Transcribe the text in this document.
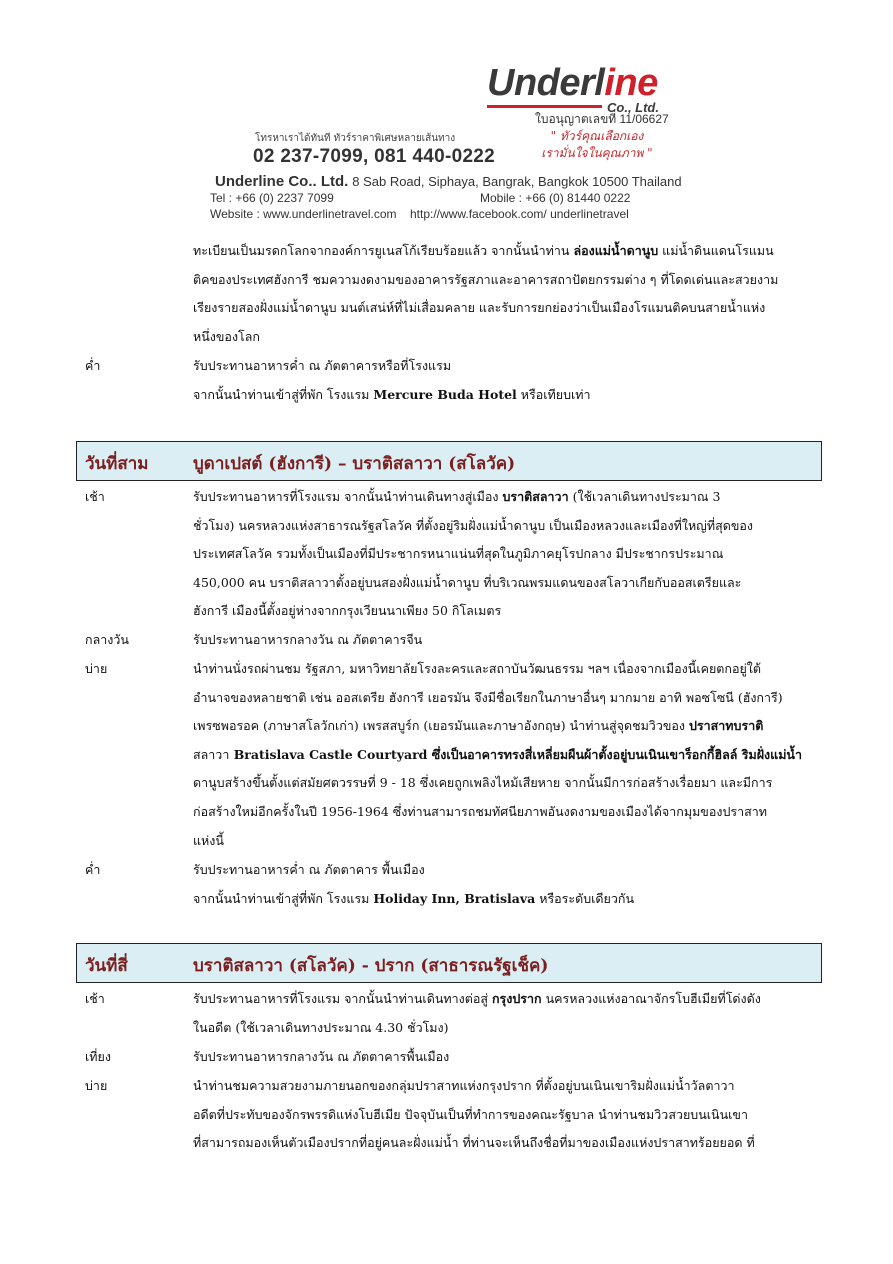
Underline
Co., Ltd.
ใบอนุญาตเลขที่ 11/06627
โทรหาเราได้ทันที ทัวร์ราคาพิเศษหลายเส้นทาง	" ทัวร์คุณเลือกเอง
เรามั่นใจในคุณภาพ "
02 237-7099, 081 440-0222
Underline Co.. Ltd. 8 Sab Road, Siphaya, Bangrak, Bangkok 10500 Thailand
Tel : +66 (0) 2237 7099	Mobile : +66 (0) 81440 0222
Website : www.underlinetravel.com http://www.facebook.com/ underlinetravel
ทะเบียนเป็นมรดกโลกจากองค์การยูเนสโก้เรียบร้อยแล้ว จากนั้นนำท่าน ล่องแม่น้ำดานูบ แม่น้ำดินแดนโรแมน
ติคของประเทศฮังการี ชมความงดงามของอาคารรัฐสภาและอาคารสถาปัตยกรรมต่าง ๆ ที่โดดเด่นและสวยงาม
เรียงรายสองฝั่งแม่น้ำดานูบ มนต์เสน่ห์ที่ไม่เสื่อมคลาย และรับการยกย่องว่าเป็นเมืองโรแมนติคบนสายน้ำแห่ง
หนึ่งของโลก
ค่ำ	รับประทานอาหารค่ำ ณ ภัตตาคารหรือที่โรงแรม
จากนั้นนำท่านเข้าสู่ที่พัก โรงแรม Mercure Buda Hotel หรือเทียบเท่า
วันที่สาม	บูดาเปสต์ (ฮังการี) – บราติสลาวา (สโลวัค)
เช้า	รับประทานอาหารที่โรงแรม จากนั้นนำท่านเดินทางสู่เมือง บราติสลาวา (ใช้เวลาเดินทางประมาณ 3
ชั่วโมง) นครหลวงแห่งสาธารณรัฐสโลวัค ที่ตั้งอยู่ริมฝั่งแม่น้ำดานูบ เป็นเมืองหลวงและเมืองที่ใหญ่ที่สุดของ
ประเทศสโลวัค รวมทั้งเป็นเมืองที่มีประชากรหนาแน่นที่สุดในภูมิภาคยุโรปกลาง มีประชากรประมาณ
450,000 คน บราติสลาวาตั้งอยู่บนสองฝั่งแม่น้ำดานูบ ที่บริเวณพรมแดนของสโลวาเกียกับออสเตรียและ
ฮังการี เมืองนี้ตั้งอยู่ห่างจากกรุงเวียนนาเพียง 50 กิโลเมตร
กลางวัน	รับประทานอาหารกลางวัน ณ ภัตตาคารจีน
บ่าย	นำท่านนั่งรถผ่านชม รัฐสภา, มหาวิทยาลัยโรงละครและสถาบันวัฒนธรรม ฯลฯ เนื่องจากเมืองนี้เคยตกอยู่ใต้
อำนาจของหลายชาติ เช่น ออสเตรีย ฮังการี เยอรมัน จึงมีชื่อเรียกในภาษาอื่นๆ มากมาย อาทิ พอซโซนี (ฮังการี)
เพรซพอรอค (ภาษาสโลวักเก่า) เพรสสบูร์ก (เยอรมันและภาษาอังกฤษ) นำท่านสู่จุดชมวิวของ ปราสาทบราติ
สลาวา Bratislava Castle Courtyard ซึ่งเป็นอาคารทรงสี่เหลี่ยมผืนผ้าตั้งอยู่บนเนินเขาร็อกกี้ฮิลล์ ริมฝั่งแม่น้ำ
ดานูบสร้างขึ้นตั้งแต่สมัยศตวรรษที่ 9 - 18 ซึ่งเคยถูกเพลิงไหม้เสียหาย จากนั้นมีการก่อสร้างเรื่อยมา และมีการ
ก่อสร้างใหม่อีกครั้งในปี 1956-1964 ซึ่งท่านสามารถชมทัศนียภาพอันงดงามของเมืองได้จากมุมของปราสาท
แห่งนี้
ค่ำ	รับประทานอาหารค่ำ ณ ภัตตาคาร พื้นเมือง
จากนั้นนำท่านเข้าสู่ที่พัก โรงแรม Holiday Inn, Bratislava หรือระดับเดียวกัน
วันที่สี่	บราติสลาวา (สโลวัค) - ปราก (สาธารณรัฐเช็ค)
เช้า	รับประทานอาหารที่โรงแรม จากนั้นนำท่านเดินทางต่อสู่ กรุงปราก นครหลวงแห่งอาณาจักรโบฮีเมียที่โด่งดัง
ในอดีต (ใช้เวลาเดินทางประมาณ 4.30 ชั่วโมง)
เที่ยง	รับประทานอาหารกลางวัน ณ ภัตตาคารพื้นเมือง
บ่าย	นำท่านชมความสวยงามภายนอกของกลุ่มปราสาทแห่งกรุงปราก ที่ตั้งอยู่บนเนินเขาริมฝั่งแม่น้ำวัลตาวา
อดีตที่ประทับของจักรพรรดิแห่งโบฮีเมีย ปัจจุบันเป็นที่ทำการของคณะรัฐบาล นำท่านชมวิวสวยบนเนินเขา
ที่สามารถมองเห็นตัวเมืองปรากที่อยู่คนละฝั่งแม่น้ำ ที่ท่านจะเห็นถึงชื่อที่มาของเมืองแห่งปราสาทร้อยยอด ที่
